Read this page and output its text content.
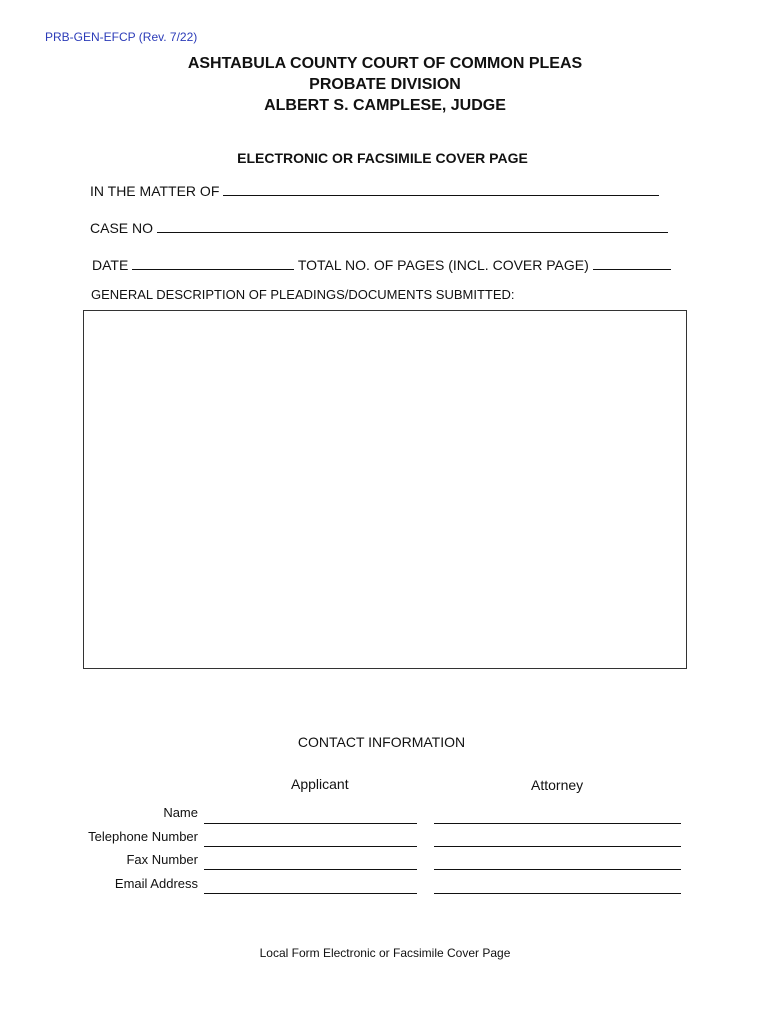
PRB-GEN-EFCP (Rev. 7/22)
ASHTABULA COUNTY COURT OF COMMON PLEAS
PROBATE DIVISION
ALBERT S. CAMPLESE, JUDGE
ELECTRONIC OR FACSIMILE COVER PAGE
IN THE MATTER OF
CASE NO
DATE	TOTAL NO. OF PAGES (INCL. COVER PAGE)
GENERAL DESCRIPTION OF PLEADINGS/DOCUMENTS SUBMITTED:
CONTACT INFORMATION
Applicant	Attorney
Name
Telephone Number
Fax Number
Email Address
Local Form Electronic or Facsimile Cover Page
